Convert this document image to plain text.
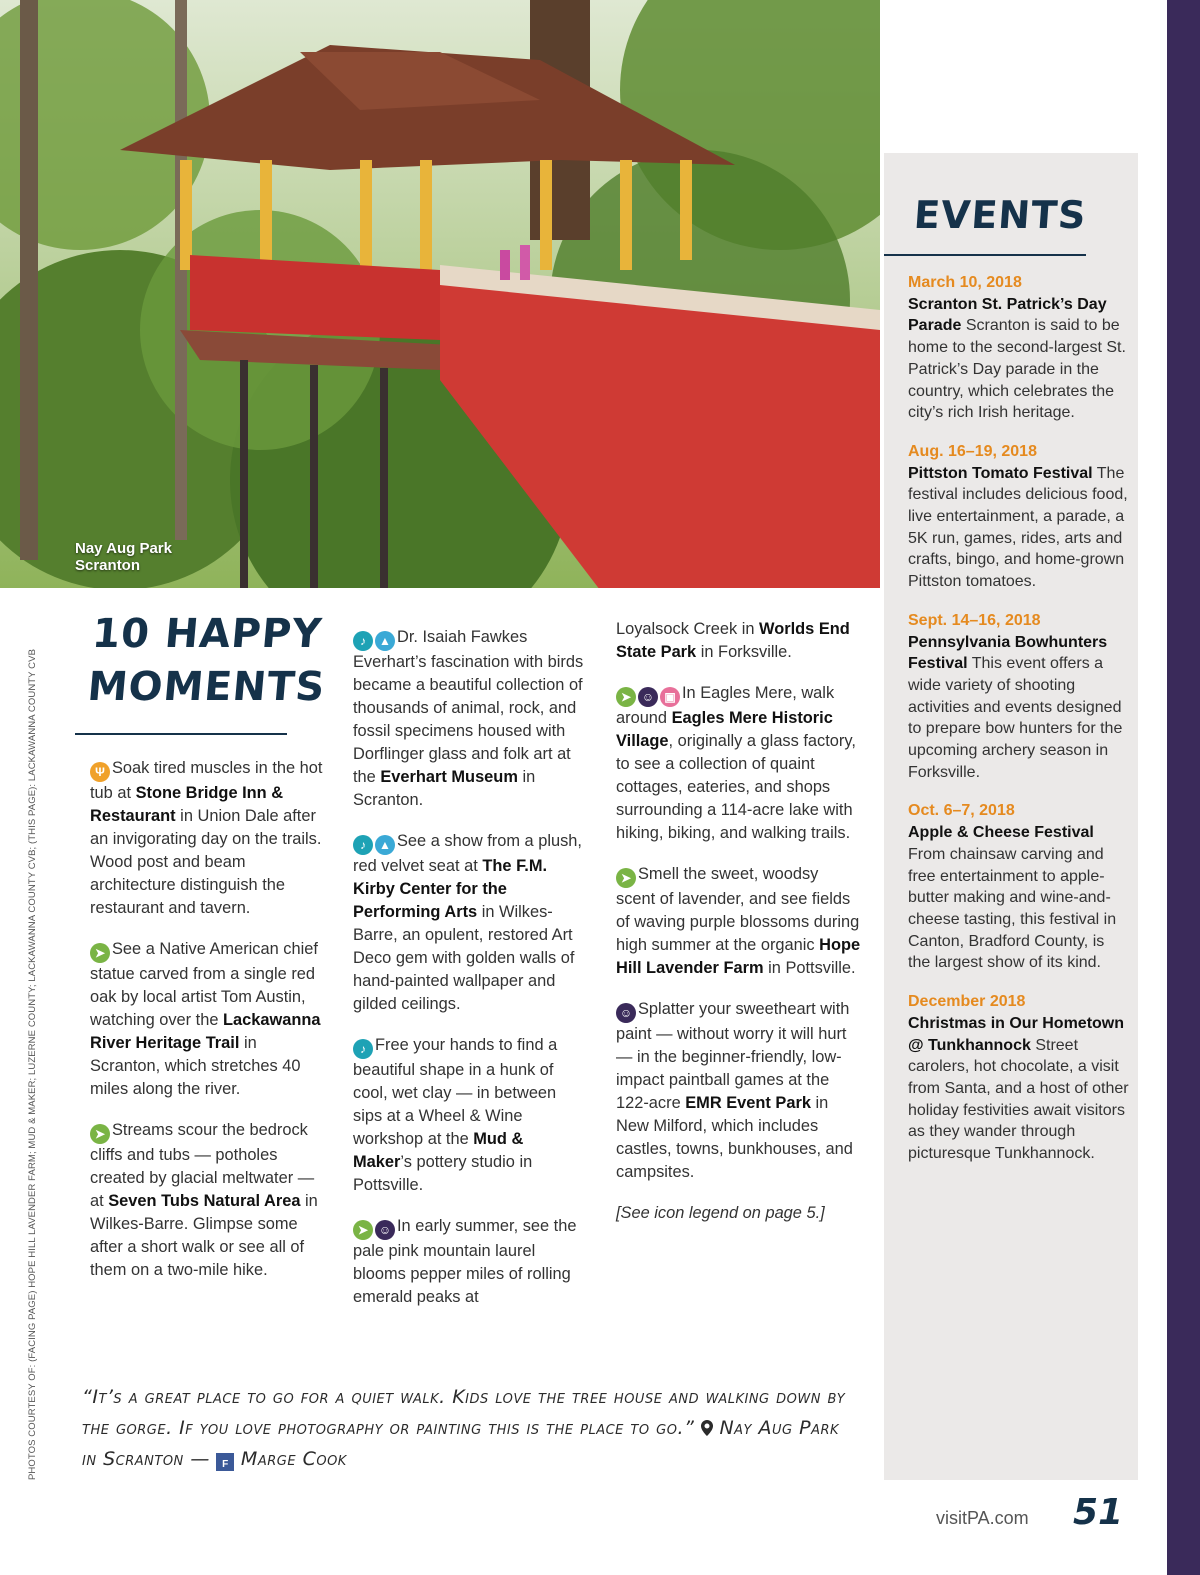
Nay Aug Park
Scranton
PHOTOS COURTESY OF: (FACING PAGE) HOPE HILL LAVENDER FARM; MUD & MAKER; LUZERNE COUNTY; LACKAWANNA COUNTY CVB; (THIS PAGE): LACKAWANNA COUNTY CVB
EVENTS
March 10, 2018
Scranton St. Patrick’s Day Parade Scranton is said to be home to the second-largest St. Patrick’s Day parade in the country, which celebrates the city’s rich Irish heritage.
Aug. 16–19, 2018
Pittston Tomato Festival The festival includes delicious food, live entertainment, a parade, a 5K run, games, rides, arts and crafts, bingo, and home-grown Pittston tomatoes.
Sept. 14–16, 2018
Pennsylvania Bowhunters Festival This event offers a wide variety of shooting activities and events designed to prepare bow hunters for the upcoming archery season in Forksville.
Oct. 6–7, 2018
Apple & Cheese Festival From chainsaw carving and free entertainment to apple-butter making and wine-and-cheese tasting, this festival in Canton, Bradford County, is the largest show of its kind.
December 2018
Christmas in Our Hometown @ Tunkhannock Street carolers, hot chocolate, a visit from Santa, and a host of other holiday festivities await visitors as they wander through picturesque Tunkhannock.
10 HAPPY
MOMENTS

Ψ Soak tired muscles in the hot tub at Stone Bridge Inn & Restaurant in Union Dale after an invigorating day on the trails. Wood post and beam architecture distinguish the restaurant and tavern.

➤ See a Native American chief statue carved from a single red oak by local artist Tom Austin, watching over the Lackawanna River Heritage Trail in Scranton, which stretches 40 miles along the river.

➤ Streams scour the bedrock cliffs and tubs — potholes created by glacial meltwater — at Seven Tubs Natural Area in Wilkes-Barre. Glimpse some after a short walk or see all of them on a two-mile hike.

♪ ▲ Dr. Isaiah Fawkes Everhart’s fascination with birds became a beautiful collection of thousands of animal, rock, and fossil specimens housed with Dorflinger glass and folk art at the Everhart Museum in Scranton.

♪ ▲ See a show from a plush, red velvet seat at The F.M. Kirby Center for the Performing Arts in Wilkes-Barre, an opulent, restored Art Deco gem with golden walls of hand-painted wallpaper and gilded ceilings.

♪ Free your hands to find a beautiful shape in a hunk of cool, wet clay — in between sips at a Wheel & Wine workshop at the Mud & Maker’s pottery studio in Pottsville.

➤ ☺ In early summer, see the pale pink mountain laurel blooms pepper miles of rolling emerald peaks at

Loyalsock Creek in Worlds End State Park in Forksville.

➤ ☺ ▣ In Eagles Mere, walk around Eagles Mere Historic Village, originally a glass factory, to see a collection of quaint cottages, eateries, and shops surrounding a 114-acre lake with hiking, biking, and walking trails.

➤ Smell the sweet, woodsy scent of lavender, and see fields of waving purple blossoms during high summer at the organic Hope Hill Lavender Farm in Pottsville.

☺ Splatter your sweetheart with paint — without worry it will hurt — in the beginner-friendly, low-impact paintball games at the 122-acre EMR Event Park in New Milford, which includes castles, towns, bunkhouses, and campsites.

[See icon legend on page 5.]

“It’s a great place to go for a quiet walk. Kids love the tree house and walking down by the gorge. If you love photography or painting this is the place to go.” Nay Aug Park in Scranton — f Marge Cook
visitPA.com 51
